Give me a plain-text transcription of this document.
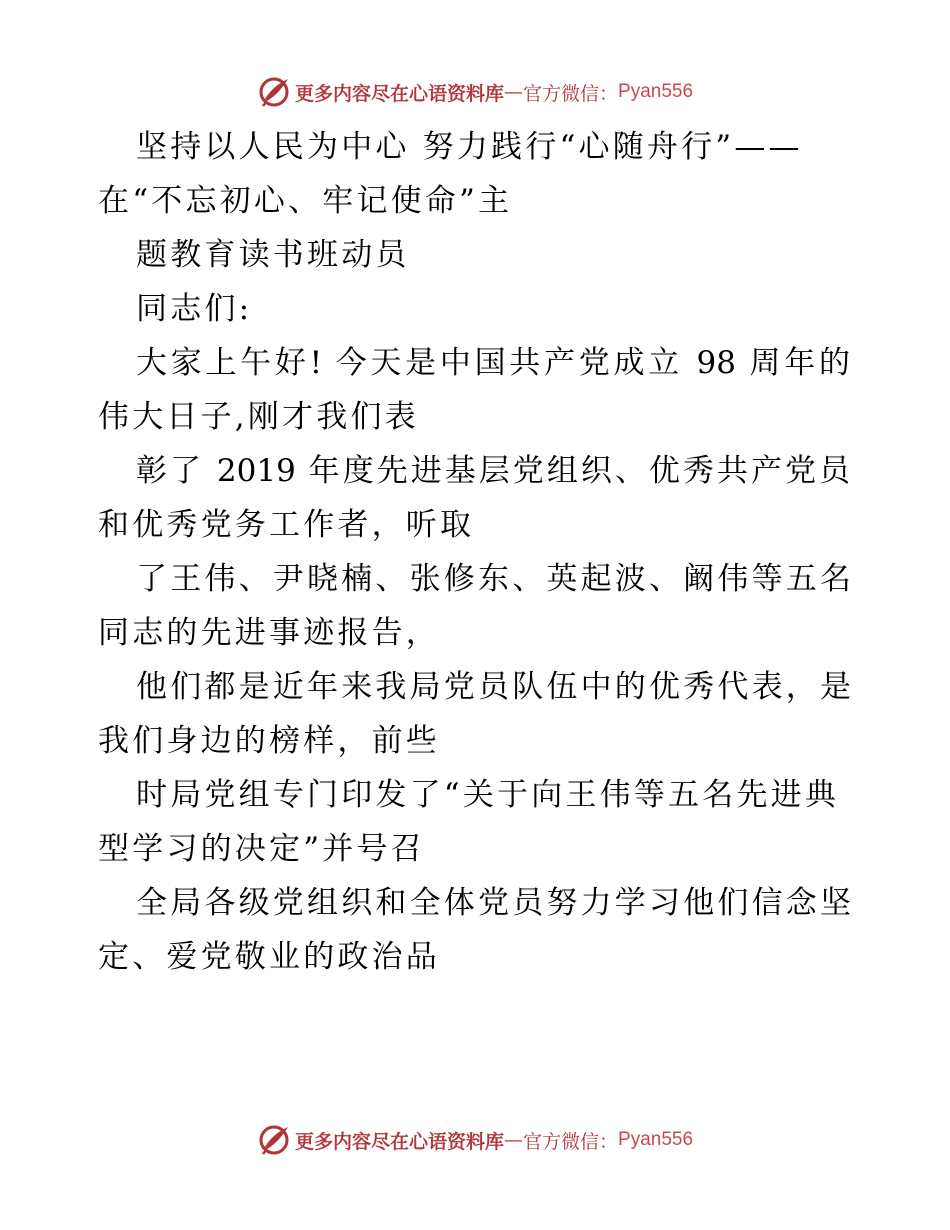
更多内容尽在心语资料库 — 官方微信 ： Pyan556
坚持以人民为中心 努力践行“心随舟行”——
在“不忘初心、牢记使命”主
题教育读书班动员
同志们:
大家上午好! 今天是中国共产党成立 98 周年的
伟大日子,刚才我们表
彰了 2019 年度先进基层党组织、优秀共产党员
和优秀党务工作者，听取
了王伟、尹晓楠、张修东、英起波、阚伟等五名
同志的先进事迹报告，
他们都是近年来我局党员队伍中的优秀代表，是
我们身边的榜样，前些
时局党组专门印发了“关于向王伟等五名先进典
型学习的决定”并号召
全局各级党组织和全体党员努力学习他们信念坚
定、爱党敬业的政治品
更多内容尽在心语资料库 — 官方微信 ： Pyan556
